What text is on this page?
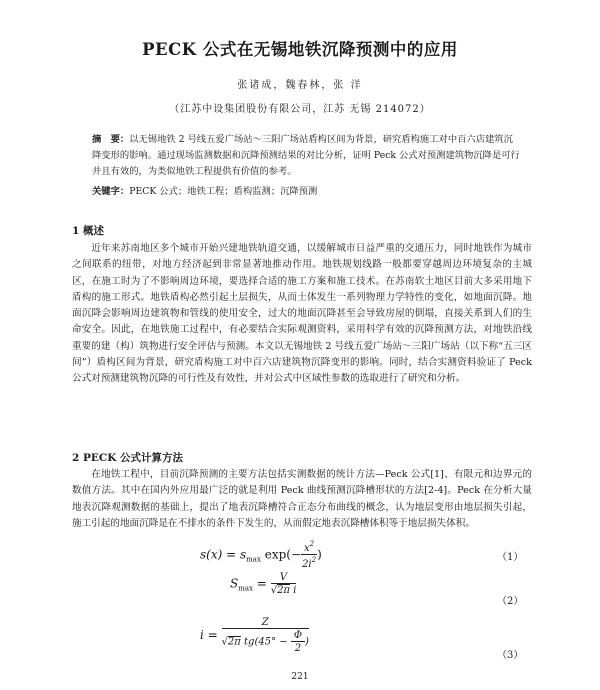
PECK 公式在无锡地铁沉降预测中的应用
张诸成，魏春林，张 洋
（江苏中设集团股份有限公司，江苏 无锡 214072）
摘　要：以无锡地铁 2 号线五爱广场站～三阳广场站盾构区间为背景，研究盾构施工对中百六店建筑沉降变形的影响。通过现场监测数据和沉降预测结果的对比分析，证明 Peck 公式对预测建筑物沉降是可行并且有效的，为类似地铁工程提供有价值的参考。
关键字：PECK 公式；地铁工程；盾构监测；沉降预测
1 概述
近年来苏南地区多个城市开始兴建地铁轨道交通，以缓解城市日益严重的交通压力，同时地铁作为城市之间联系的纽带，对地方经济起到非常显著地推动作用。地铁规划线路一般都要穿越周边环境复杂的主城区，在施工时为了不影响周边环境，要选择合适的施工方案和施工技术。在苏南软土地区目前大多采用地下盾构的施工形式。地铁盾构必然引起土层损失，从而土体发生一系列物理力学特性的变化，如地面沉降。地面沉降会影响周边建筑物和管线的使用安全，过大的地面沉降甚至会导致房屋的倒塌，直接关系到人们的生命安全。因此，在地铁施工过程中，有必要结合实际观测资料，采用科学有效的沉降预测方法，对地铁沿线重要的建（构）筑物进行安全评估与预测。本文以无锡地铁 2 号线五爱广场站～三阳广场站（以下称“五三区间”）盾构区间为背景，研究盾构施工对中百六店建筑物沉降变形的影响。同时，结合实测资料验证了 Peck 公式对预测建筑物沉降的可行性及有效性，并对公式中区域性参数的选取进行了研究和分析。
2 PECK 公式计算方法
在地铁工程中，目前沉降预测的主要方法包括实测数据的统计方法—Peck 公式[1]、有限元和边界元的数值方法。其中在国内外应用最广泛的就是利用 Peck 曲线预测沉降槽形状的方法[2-4]。Peck 在分析大量地表沉降观测数据的基础上，提出了地表沉降槽符合正态分布曲线的概念，认为地层变形由地层损失引起，施工引起的地面沉降是在不排水的条件下发生的，从而假定地表沉降槽体积等于地层损失体积。
$s(x) = s_{max}$ $\exp(- \frac{x^2}{2i^2}$ )	（1）
$S_{max} = \frac{V}{\text{√2π i}}$
（2）
$i = \frac{Z}{√2\pi tg(45^\circ - \frac{\Phi}{2} )}$
（3）
221
